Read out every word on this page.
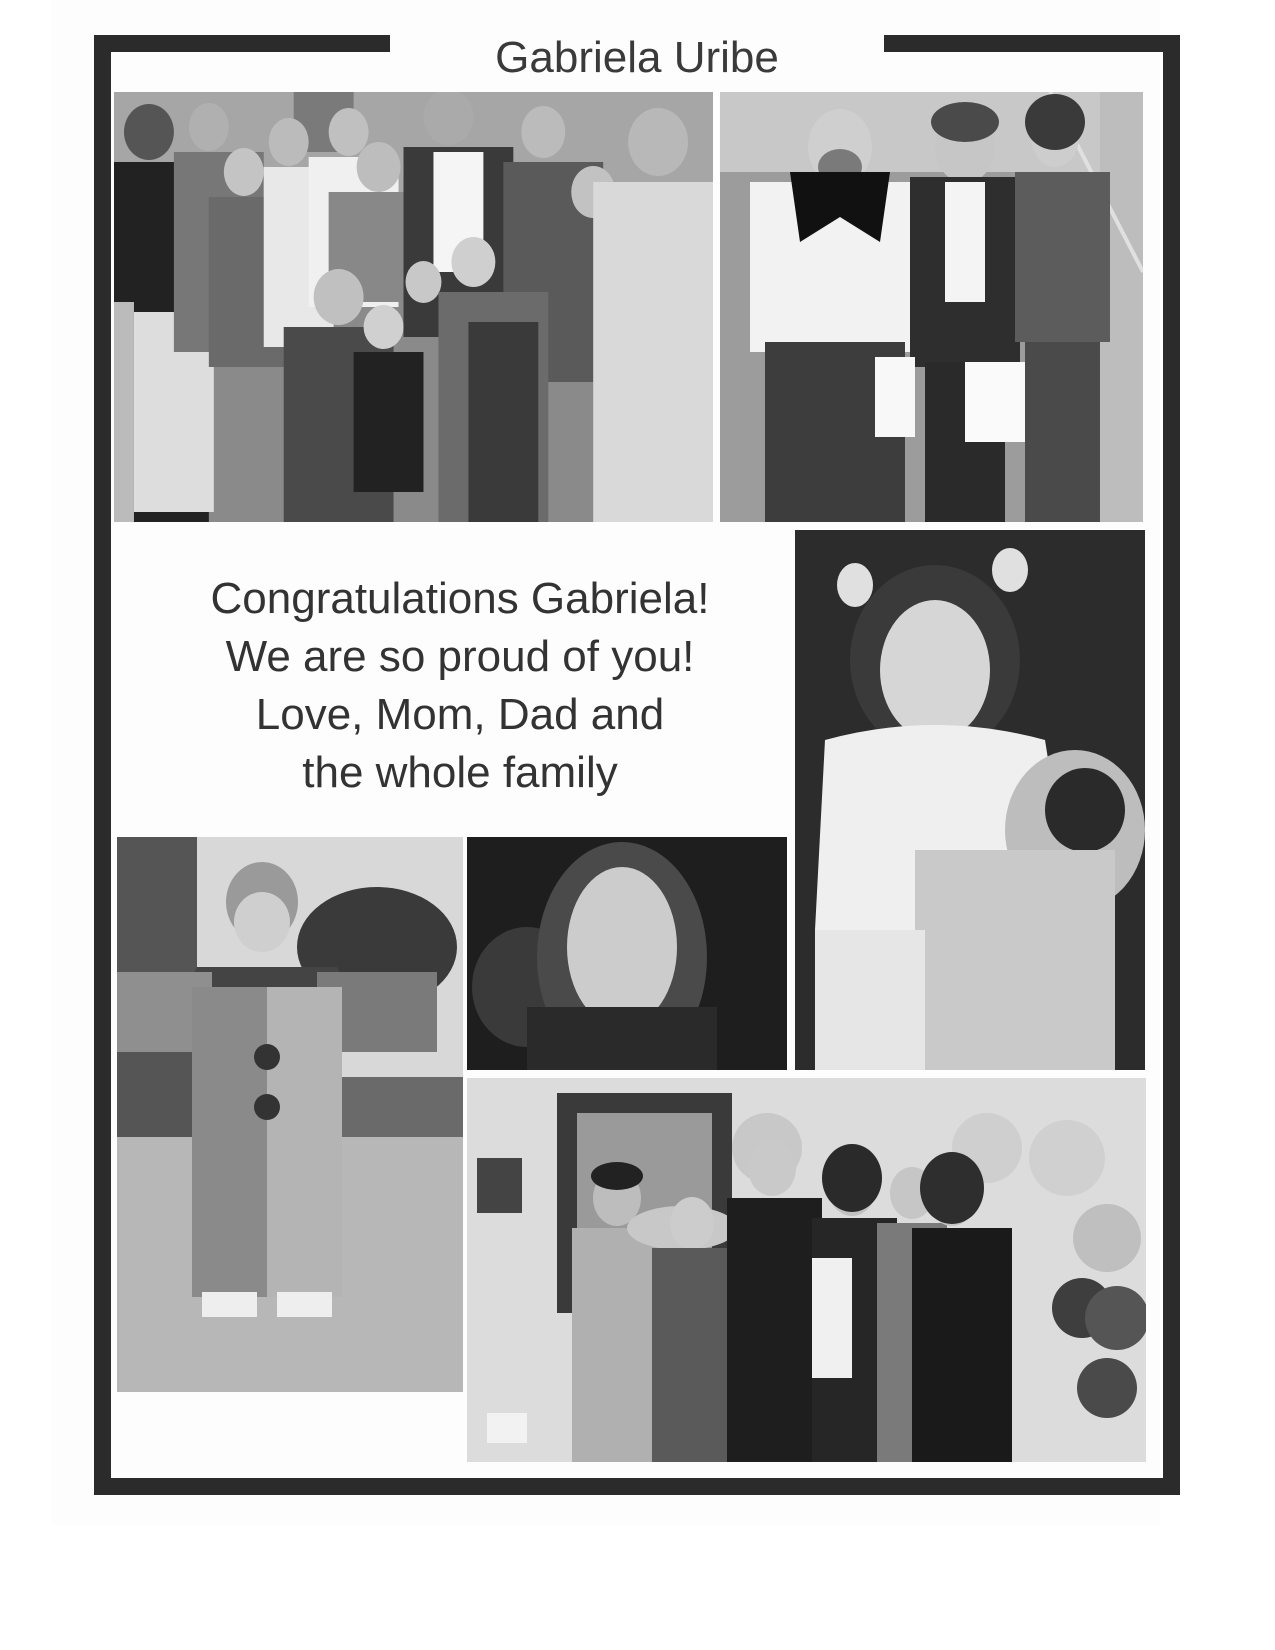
Gabriela Uribe
Congratulations Gabriela!
We are so proud of you!
Love, Mom, Dad and
the whole family
